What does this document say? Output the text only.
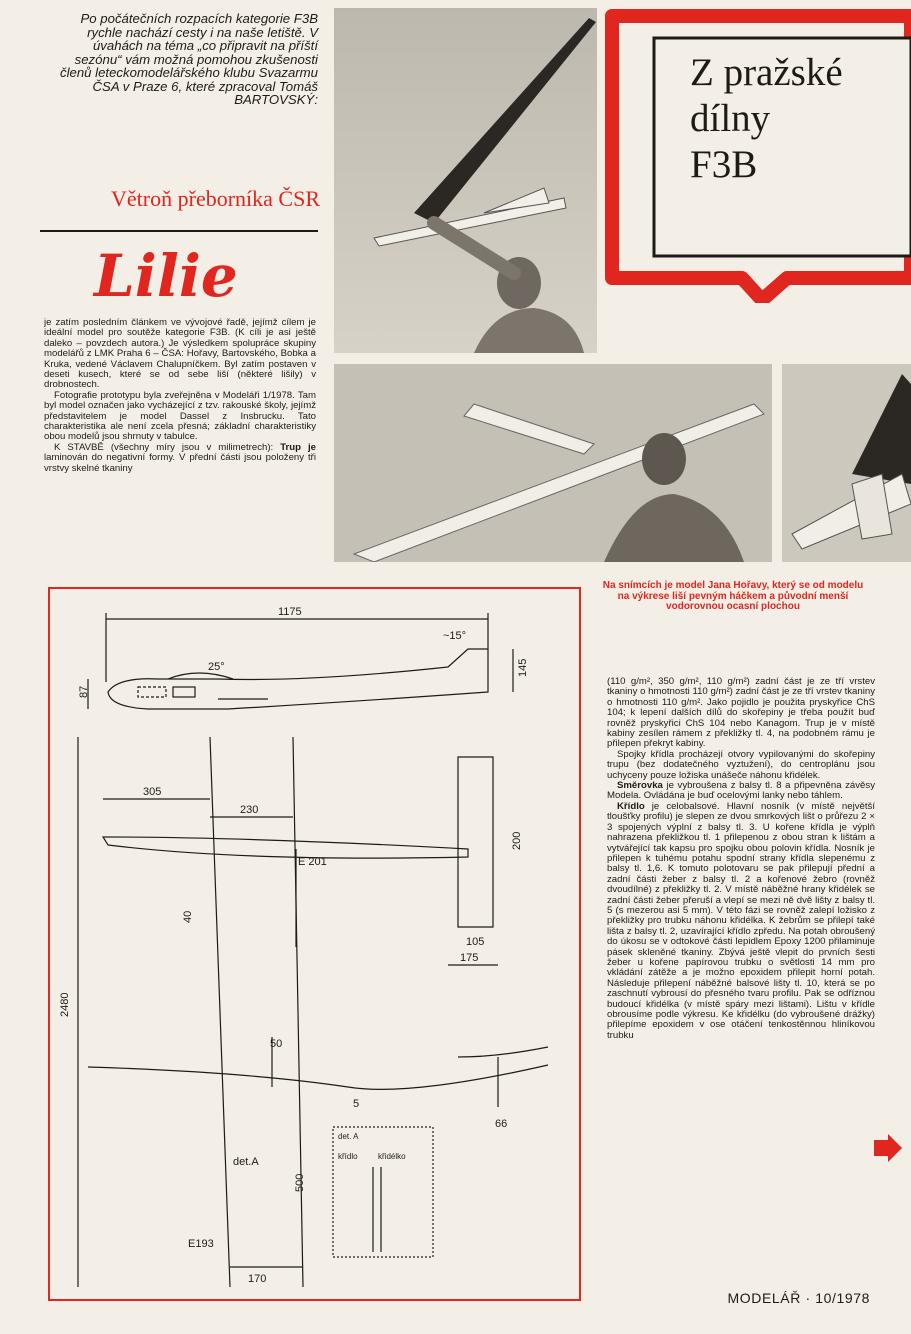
Po počátečních rozpacích kategorie F3B rychle nachází cesty i na naše letiště. V úvahách na téma „co připravit na příští sezónu“ vám možná pomohou zkušenosti členů leteckomodelářského klubu Svazarmu ČSA v Praze 6, které zpracoval Tomáš BARTOVSKÝ:
Větroň přeborníka ČSR
Lilie

je zatím posledním článkem ve vývojové řadě, jejímž cílem je ideální model pro soutěže kategorie F3B. (K cíli je asi ještě daleko – povzdech autora.) Je výsledkem spolupráce skupiny modelářů z LMK Praha 6 – ČSA: Hořavy, Bartovského, Bobka a Kruka, vedené Václavem Chalupníčkem. Byl zatím postaven v deseti kusech, které se od sebe liší (některé lišily) v drobnostech.

Fotografie prototypu byla zveřejněna v Modeláři 1/1978. Tam byl model označen jako vycházející z tzv. rakouské školy, jejímž představitelem je model Dassel z Insbrucku. Tato charakteristika ale není zcela přesná; základní charakteristiky obou modelů jsou shrnuty v tabulce.

K STAVBĚ (všechny míry jsou v milimetrech): Trup je laminován do negativní formy. V přední části jsou položeny tři vrstvy skelné tkaniny

Z pražské
dílny
F3B
Na snímcích je model Jana Hořavy, který se od modelu na výkrese liší pevným háčkem a původní menší vodorovnou ocasní plochou

(110 g/m², 350 g/m², 110 g/m²) zadní část je ze tří vrstev tkaniny o hmotnosti 110 g/m²) zadní část je ze tří vrstev tkaniny o hmotnosti 110 g/m². Jako pojidlo je použita pryskyřice ChS 104; k lepení dalších dílů do skořepiny je třeba použít buď rovněž pryskyřici ChS 104 nebo Kanagom. Trup je v místě kabiny zesílen rámem z překližky tl. 4, na podobném rámu je přilepen překryt kabiny.

Spojky křídla procházejí otvory vypilovanými do skořepiny trupu (bez dodatečného vyztužení), do centroplánu jsou uchyceny pouze ložiska unášeče náhonu křidélek.

Směrovka je vybroušena z balsy tl. 8 a připevněna závěsy Modela. Ovládána je buď ocelovými lanky nebo táhlem.

Křídlo je celobalsové. Hlavní nosník (v místě největší tloušťky profilu) je slepen ze dvou smrkových lišt o průřezu 2 × 3 spojených výplní z balsy tl. 3. U kořene křídla je výplň nahrazena překližkou tl. 1 přilepenou z obou stran k lištám a vytvářející tak kapsu pro spojku obou polovin křídla. Nosník je přilepen k tuhému potahu spodní strany křídla slepenému z balsy tl. 1,6. K tomuto polotovaru se pak přilepují přední a zadní části žeber z balsy tl. 2 a kořenové žebro (rovněž dvoudílné) z překližky tl. 2. V místě náběžné hrany křidélek se zadní části žeber přeruší a vlepí se mezi ně dvě lišty z balsy tl. 5 (s mezerou asi 5 mm). V této fázi se rovněž zalepí ložisko z překližky pro trubku náhonu křidélka. K žebrům se přilepí také lišta z balsy tl. 2, uzavírající křídlo zpředu. Na potah obroušený do úkosu se v odtokové části lepidlem Epoxy 1200 přilaminuje pásek skleněné tkaniny. Zbývá ještě vlepit do prvních šesti žeber u kořene papírovou trubku o světlosti 14 mm pro vkládání zátěže a je možno epoxidem přilepit horní potah. Následuje přilepení náběžné balsové lišty tl. 10, která se po zaschnutí vybrousí do přesného tvaru profilu. Pak se odříznou budoucí křidélka (v místě spáry mezi lištami). Lištu v křídle obrousíme podle výkresu. Ke křidélku (do vybroušené drážky) přilepíme epoxidem v ose otáčení tenkostěnnou hliníkovou trubku

1175
~15°
25°	145
87
2480
305
230
E 201
200
40
105
175
50
5
66
det.A
500
E193
170
det. A
křídlo	křidélko
MODELÁŘ · 10/1978
